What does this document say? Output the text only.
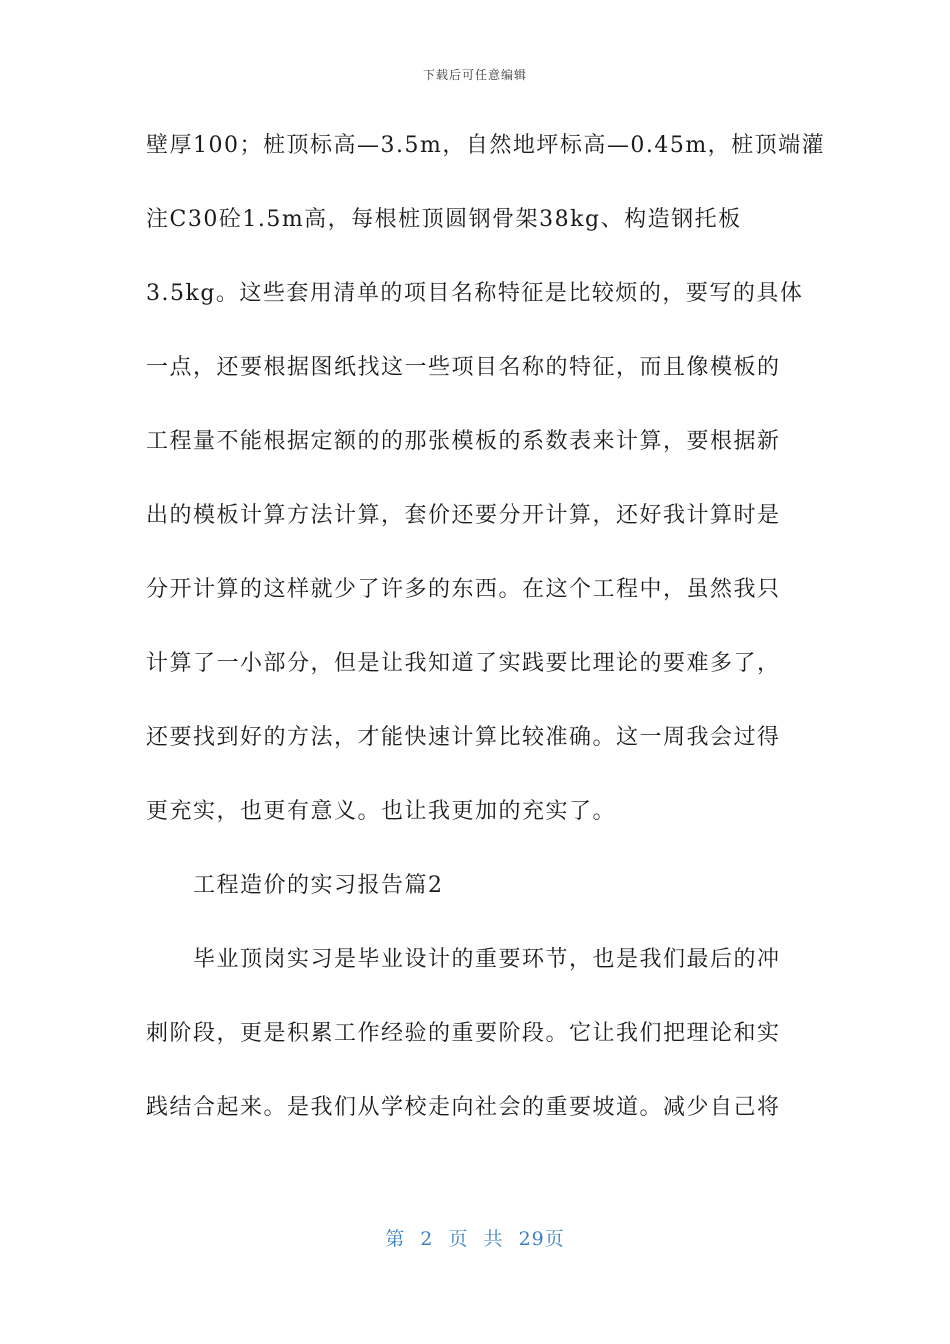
下载后可任意编辑
壁厚100；桩顶标高—3.5m，自然地坪标高—0.45m，桩顶端灌
注C30砼1.5m高，每根桩顶圆钢骨架38kg、构造钢托板
3.5kg。这些套用清单的项目名称特征是比较烦的，要写的具体
一点，还要根据图纸找这一些项目名称的特征，而且像模板的
工程量不能根据定额的的那张模板的系数表来计算，要根据新
出的模板计算方法计算，套价还要分开计算，还好我计算时是
分开计算的这样就少了许多的东西。在这个工程中，虽然我只
计算了一小部分，但是让我知道了实践要比理论的要难多了，
还要找到好的方法，才能快速计算比较准确。这一周我会过得
更充实，也更有意义。也让我更加的充实了。
工程造价的实习报告篇2
毕业顶岗实习是毕业设计的重要环节，也是我们最后的冲
刺阶段，更是积累工作经验的重要阶段。它让我们把理论和实
践结合起来。是我们从学校走向社会的重要坡道。减少自己将
第 2 页 共 29页
